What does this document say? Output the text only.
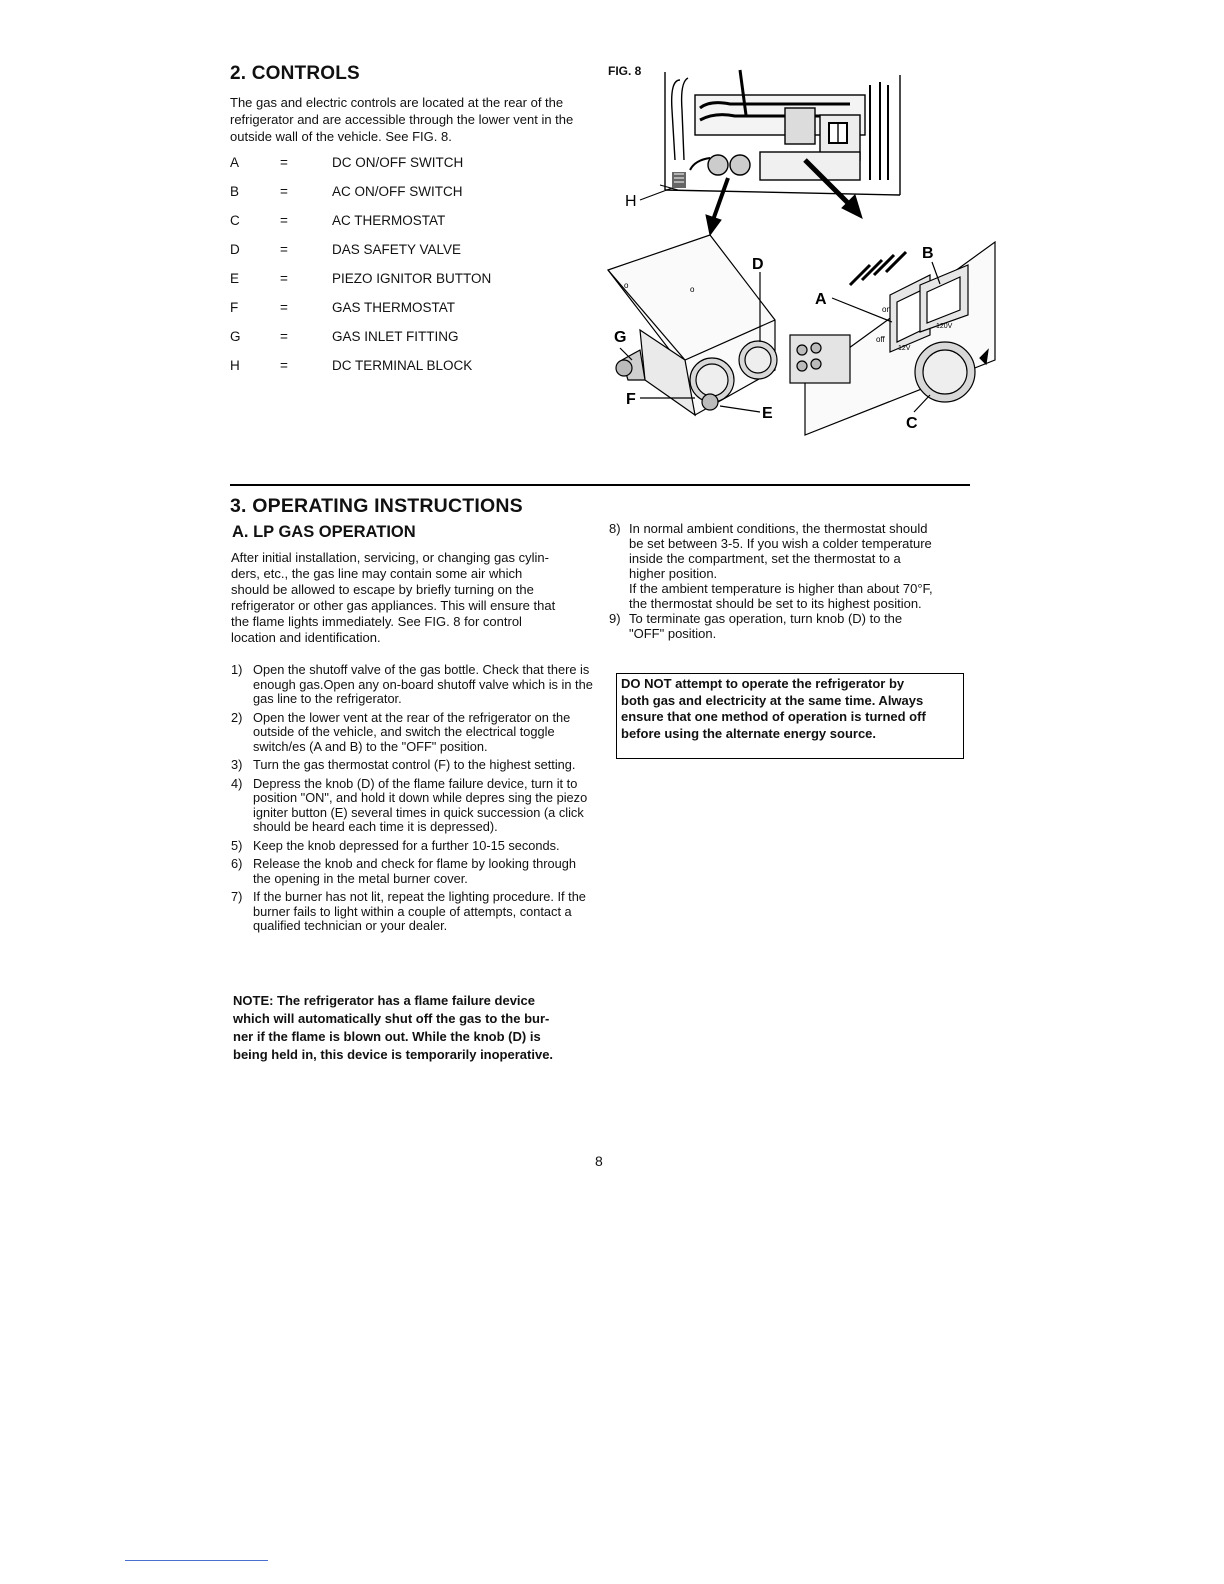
2. CONTROLS
The gas and electric controls are located at the rear of the refrigerator and are accessible through the lower vent in the outside wall of the vehicle. See FIG. 8.
A	=	DC ON/OFF SWITCH
B	=	AC ON/OFF SWITCH
C	=	AC THERMOSTAT
D	=	DAS SAFETY VALVE
E	=	PIEZO IGNITOR BUTTON
F	=	GAS THERMOSTAT
G	=	GAS INLET FITTING
H	=	DC TERMINAL BLOCK
FIG. 8
H
o
o
G
D
F
E
on
off
12V
120V
A
B
C
3. OPERATING INSTRUCTIONS
A. LP GAS OPERATION
After initial installation, servicing, or changing gas cylin-
ders, etc., the gas line may contain some air which
should be allowed to escape by briefly turning on the
refrigerator or other gas appliances. This will ensure that
the flame lights immediately. See FIG. 8 for control
location and identification.
1) Open the shutoff valve of the gas bottle. Check that there is enough gas.Open any on-board shutoff valve which is in the gas line to the refrigerator.
2) Open the lower vent at the rear of the refrigerator on the outside of the vehicle, and switch the electrical toggle switch/es (A and B) to the "OFF" position.
3) Turn the gas thermostat control (F) to the highest setting.
4) Depress the knob (D) of the flame failure device, turn it to position "ON", and hold it down while depres sing the piezo igniter button (E) several times in quick succession (a click should be heard each time it is depressed).
5) Keep the knob depressed for a further 10-15 seconds.
6) Release the knob and check for flame by looking through the opening in the metal burner cover.
7) If the burner has not lit, repeat the lighting procedure. If the burner fails to light within a couple of attempts, contact a qualified technician or your dealer.
NOTE: The refrigerator has a flame failure device
which will automatically shut off the gas to the bur-
ner if the flame is blown out. While the knob (D) is
being held in, this device is temporarily inoperative.
8) In normal ambient conditions, the thermostat should
be set between 3-5. If you wish a colder temperature
inside the compartment, set the thermostat to a
higher position.
If the ambient temperature is higher than about 70°F,
the thermostat should be set to its highest position.
9) To terminate gas operation, turn knob (D) to the
"OFF" position.
DO NOT attempt to operate the refrigerator by
both gas and electricity at the same time. Always
ensure that one method of operation is turned off
before using the alternate energy source.
8
